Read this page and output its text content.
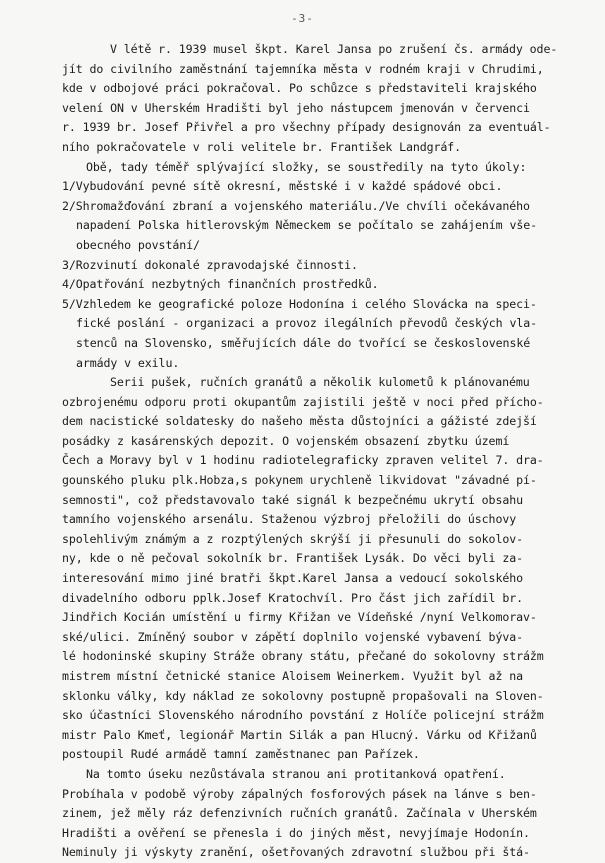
-3-
V létě r. 1939 musel škpt. Karel Jansa po zrušení čs. armády ode-
jít do civilního zaměstnání tajemníka města v rodném kraji v Chrudimi,
kde v odbojové práci pokračoval. Po schůzce s představiteli krajského
velení ON v Uherském Hradišti byl jeho nástupcem jmenován v červenci
r. 1939 br. Josef Přivřel a pro všechny případy designován za eventuál-
ního pokračovatele v roli velitele br. František Landgráf.
Obě, tady téměř splývající složky, se soustředily na tyto úkoly:
1/Vybudování pevné sítě okresní, městské i v každé spádové obci.
2/Shromažďování zbraní a vojenského materiálu./Ve chvíli očekávaného
napadení Polska hitlerovským Německem se počítalo se zahájením vše-
obecného povstání/
3/Rozvinutí dokonalé zpravodajské činnosti.
4/Opatřování nezbytných finančních prostředků.
5/Vzhledem ke geografické poloze Hodonína i celého Slovácka na speci-
fické poslání - organizaci a provoz ilegálních převodů českých vla-
stenců na Slovensko, směřujících dále do tvořící se československé
armády v exilu.
Serii pušek, ručních granátů a několik kulometů k plánovanému
ozbrojenému odporu proti okupantům zajistili ještě v noci před přícho-
dem nacistické soldatesky do našeho města důstojníci a gážisté zdejší
posádky z kasárenských depozit. O vojenském obsazení zbytku území
Čech a Moravy byl v 1 hodinu radiotelegraficky zpraven velitel 7. dra-
gounského pluku plk.Hobza,s pokynem urychleně likvidovat "závadné pí-
semnosti", což představovalo také signál k bezpečnému ukrytí obsahu
tamního vojenského arsenálu. Staženou výzbroj přeložili do úschovy
spolehlivým známým a z rozptýlených skrýší ji přesunuli do sokolov-
ny, kde o ně pečoval sokolník br. František Lysák. Do věci byli za-
interesování mimo jiné bratři škpt.Karel Jansa a vedoucí sokolského
divadelního odboru pplk.Josef Kratochvíl. Pro část jich zařídil br.
Jindřich Kocián umístění u firmy Křižan ve Vídeňské /nyní Velkomorav-
ské/ulici. Zmíněný soubor v zápětí doplnilo vojenské vybavení býva-
lé hodoninské skupiny Stráže obrany státu, přečané do sokolovny strážm
mistrem místní četnické stanice Aloisem Weinerkem. Využit byl až na
sklonku války, kdy náklad ze sokolovny postupně propašovali na Sloven-
sko účastníci Slovenského národního povstání z Holíče policejní strážm
mistr Palo Kmeť, legionář Martin Silák a pan Hlucný. Várku od Křižanů
postoupil Rudé armádě tamní zaměstnanec pan Pařízek.
Na tomto úseku nezůstávala stranou ani protitanková opatření.
Probíhala v podobě výroby zápalných fosforových pásek na lánve s ben-
zinem, jež měly ráz defenzivních ručních granátů. Začínala v Uherském
Hradišti a ověření se přenesla i do jiných měst, nevyjímaje Hodonín.
Neminuly ji výskyty zranění, ošetřovaných zdravotní službou při štá-
